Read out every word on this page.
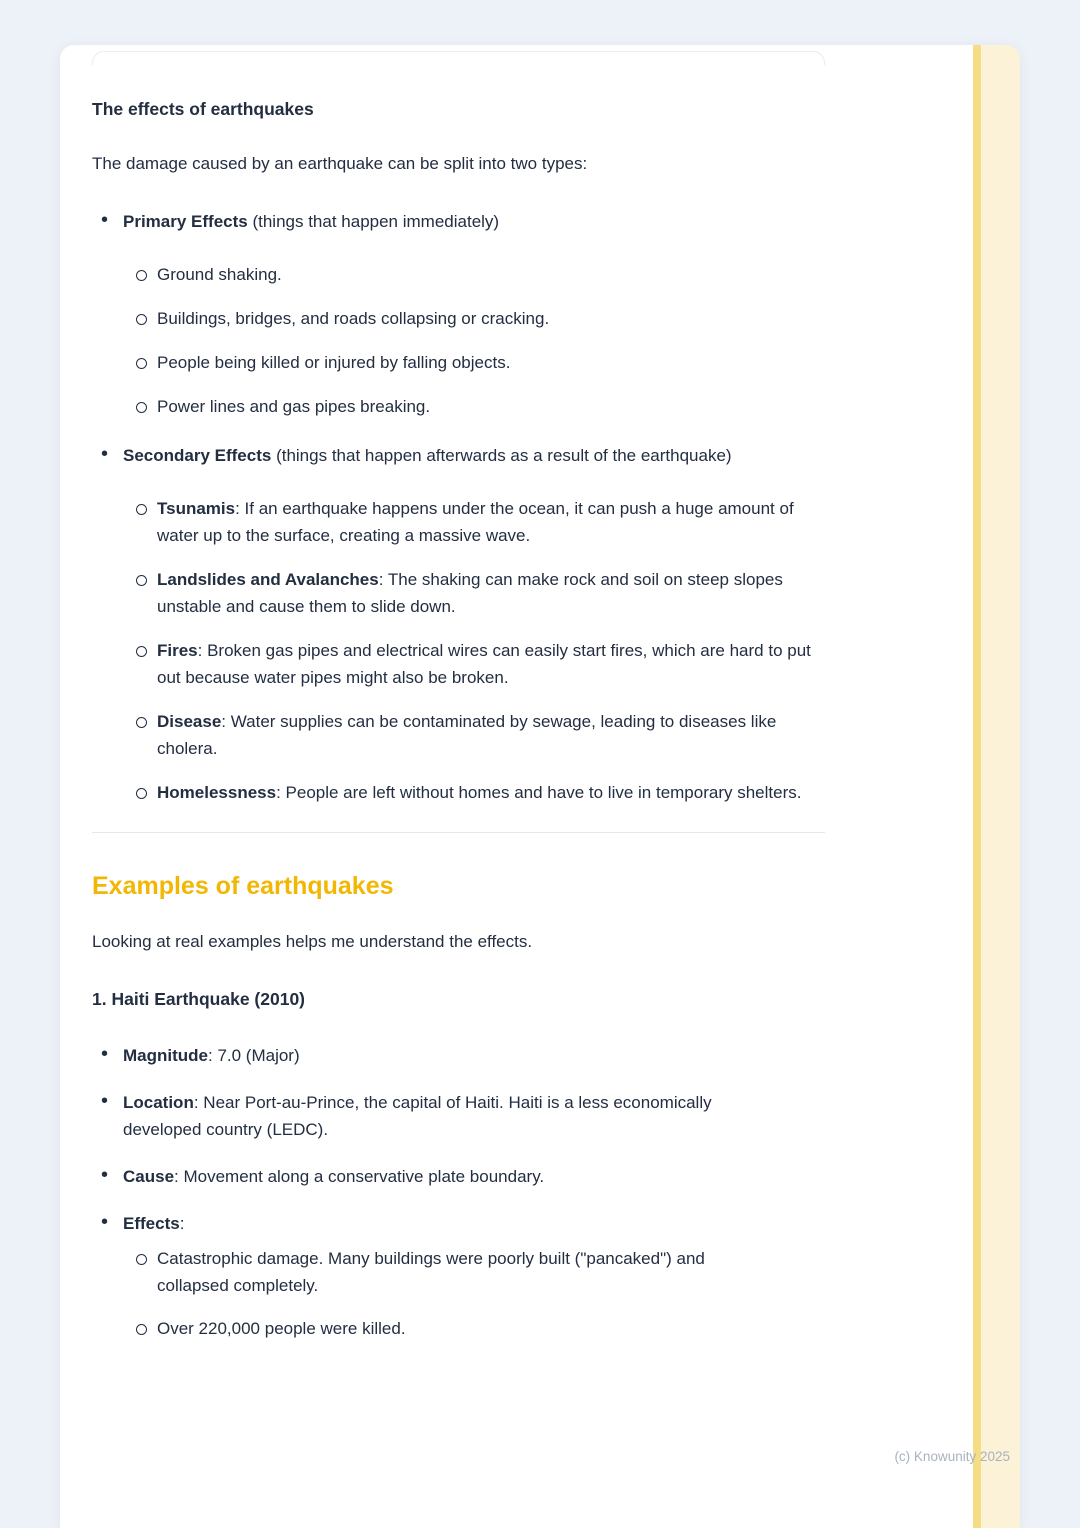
The effects of earthquakes

The damage caused by an earthquake can be split into two types:

• Primary Effects (things that happen immediately)
Ground shaking.
Buildings, bridges, and roads collapsing or cracking.
People being killed or injured by falling objects.
Power lines and gas pipes breaking.
• Secondary Effects (things that happen afterwards as a result of the earthquake)
Tsunamis: If an earthquake happens under the ocean, it can push a huge amount of water up to the surface, creating a massive wave.
Landslides and Avalanches: The shaking can make rock and soil on steep slopes unstable and cause them to slide down.
Fires: Broken gas pipes and electrical wires can easily start fires, which are hard to put out because water pipes might also be broken.
Disease: Water supplies can be contaminated by sewage, leading to diseases like cholera.
Homelessness: People are left without homes and have to live in temporary shelters.
Examples of earthquakes

Looking at real examples helps me understand the effects.

1. Haiti Earthquake (2010)
• Magnitude: 7.0 (Major)
• Location: Near Port-au-Prince, the capital of Haiti. Haiti is a less economically developed country (LEDC).
• Cause: Movement along a conservative plate boundary.
• Effects:
Catastrophic damage. Many buildings were poorly built ("pancaked") and collapsed completely.
Over 220,000 people were killed.
(c) Knowunity 2025
